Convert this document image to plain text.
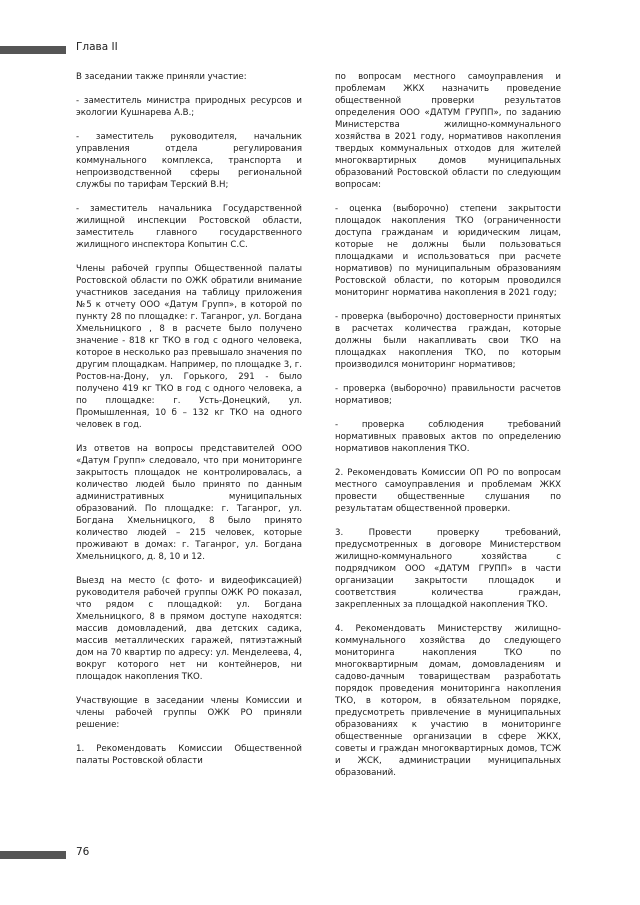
Глава II

В заседании также приняли участие:

- заместитель министра природных ресурсов и экологии Кушнарева А.В.;

- заместитель руководителя, начальник управления отдела регулирования коммунального комплекса, транспорта и непроизводственной сферы региональной службы по тарифам Терский В.Н;

- заместитель начальника Государственной жилищной инспекции Ростовской области, заместитель главного государственного жилищного инспектора Копытин С.С.

Члены рабочей группы Общественной палаты Ростовской области по ОЖК обратили внимание участников заседания на таблицу приложения №5 к отчету ООО «Датум Групп», в которой по пункту 28 по площадке: г. Таганрог, ул. Богдана Хмельницкого , 8 в расчете было получено значение - 818 кг ТКО в год с одного человека, которое в несколько раз превышало значения по другим площадкам. Например, по площадке 3, г. Ростов-на-Дону, ул. Горького, 291 - было получено 419 кг ТКО в год с одного человека, а по площадке: г. Усть-Донецкий, ул. Промышленная, 10 б – 132 кг ТКО на одного человек в год.

Из ответов на вопросы представителей ООО «Датум Групп» следовало, что при мониторинге закрытость площадок не контролировалась, а количество людей было принято по данным административных муниципальных образований. По площадке: г. Таганрог, ул. Богдана Хмельницкого, 8 было принято количество людей – 215 человек, которые проживают в домах: г. Таганрог, ул. Богдана Хмельницкого, д. 8, 10 и 12.

Выезд на место (с фото- и видеофиксацией) руководителя рабочей группы ОЖК РО показал, что рядом с площадкой: ул. Богдана Хмельницкого, 8 в прямом доступе находятся: массив домовладений, два детских садика, массив металлических гаражей, пятиэтажный дом на 70 квартир по адресу: ул. Менделеева, 4, вокруг которого нет ни контейнеров, ни площадок накопления ТКО.

Участвующие в заседании члены Комиссии и члены рабочей группы ОЖК РО приняли решение:

1. Рекомендовать Комиссии Общественной палаты Ростовской области

по вопросам местного самоуправления и проблемам ЖКХ назначить проведение общественной проверки результатов определения ООО «ДАТУМ ГРУПП», по заданию Министерства жилищно-коммунального хозяйства в 2021 году, нормативов накопления твердых коммунальных отходов для жителей многоквартирных домов муниципальных образований Ростовской области по следующим вопросам:

- оценка (выборочно) степени закрытости площадок накопления ТКО (ограниченности доступа гражданам и юридическим лицам, которые не должны были пользоваться площадками и использоваться при расчете нормативов) по муниципальным образованиям Ростовской области, по которым проводился мониторинг норматива накопления в 2021 году;

- проверка (выборочно) достоверности принятых в расчетах количества граждан, которые должны были накапливать свои ТКО на площадках накопления ТКО, по которым производился мониторинг нормативов;

- проверка (выборочно) правильности расчетов нормативов;

- проверка соблюдения требований нормативных правовых актов по определению нормативов накопления ТКО.

2. Рекомендовать Комиссии ОП РО по вопросам местного самоуправления и проблемам ЖКХ провести общественные слушания по результатам общественной проверки.

3. Провести проверку требований, предусмотренных в договоре Министерством жилищно-коммунального хозяйства с подрядчиком ООО «ДАТУМ ГРУПП» в части организации закрытости площадок и соответствия количества граждан, закрепленных за площадкой накопления ТКО.

4. Рекомендовать Министерству жилищно-коммунального хозяйства до следующего мониторинга накопления ТКО по многоквартирным домам, домовладениям и садово-дачным товариществам разработать порядок проведения мониторинга накопления ТКО, в котором, в обязательном порядке, предусмотреть привлечение в муниципальных образованиях к участию в мониторинге общественные организации в сфере ЖКХ, советы и граждан многоквартирных домов, ТСЖ и ЖСК, администрации муниципальных образований.

76
